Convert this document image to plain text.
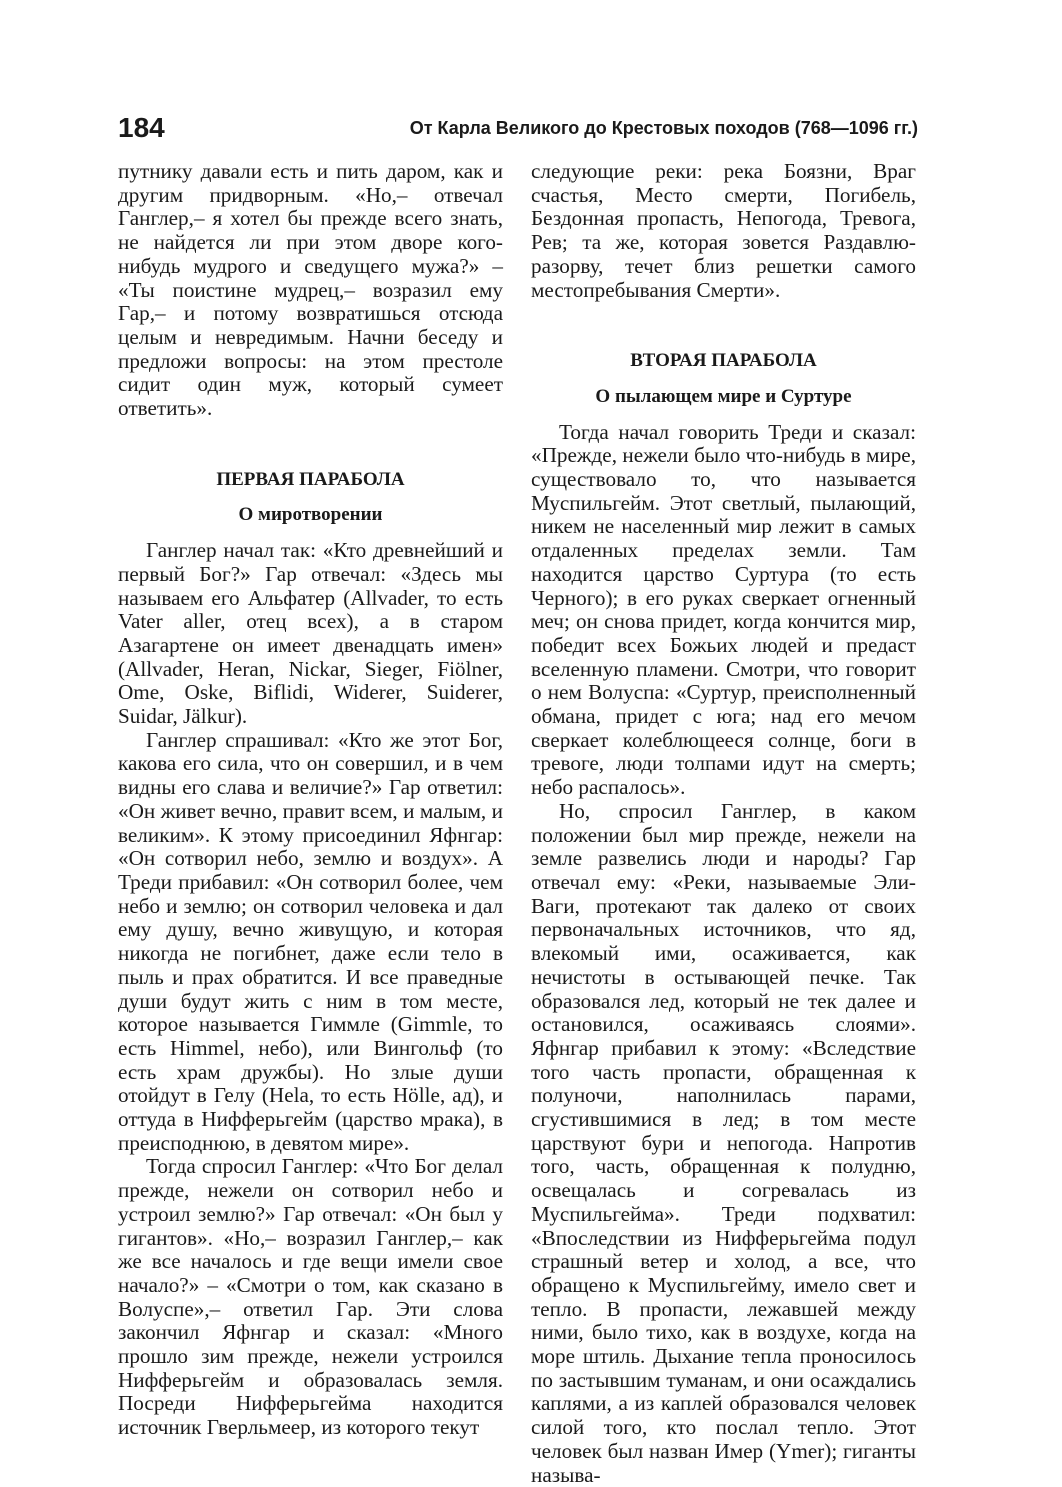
184	От Карла Великого до Крестовых походов (768—1096 гг.)

путнику давали есть и пить даром, как и другим придворным. «Но,– отвечал Ганглер,– я хотел бы прежде всего знать, не найдется ли при этом дворе кого-нибудь мудрого и сведущего мужа?» – «Ты поистине мудрец,– возразил ему Гар,– и потому возвратишься отсюда целым и невредимым. Начни беседу и предложи вопросы: на этом престоле сидит один муж, который сумеет ответить».

ПЕРВАЯ ПАРАБОЛА

О миротворении

Ганглер начал так: «Кто древнейший и первый Бог?» Гар отвечал: «Здесь мы называем его Альфатер (Allvader, то есть Vater aller, отец всех), а в старом Азагартене он имеет двенадцать имен» (Allvader, Heran, Nickar, Sieger, Fiölner, Ome, Oske, Biflidi, Widerer, Suiderer, Suidar, Jälkur).

Ганглер спрашивал: «Кто же этот Бог, какова его сила, что он совершил, и в чем видны его слава и величие?» Гар ответил: «Он живет вечно, правит всем, и малым, и великим». К этому присоединил Яфнгар: «Он сотворил небо, землю и воздух». А Треди прибавил: «Он сотворил более, чем небо и землю; он сотворил человека и дал ему душу, вечно живущую, и которая никогда не погибнет, даже если тело в пыль и прах обратится. И все праведные души будут жить с ним в том месте, которое называется Гиммле (Gimmle, то есть Himmel, небо), или Вингольф (то есть храм дружбы). Но злые души отойдут в Гелу (Hela, то есть Hölle, ад), и оттуда в Нифферьгейм (царство мрака), в преисподнюю, в девятом мире».

Тогда спросил Ганглер: «Что Бог делал прежде, нежели он сотворил небо и устроил землю?» Гар отвечал: «Он был у гигантов». «Но,– возразил Ганглер,– как же все началось и где вещи имели свое начало?» – «Смотри о том, как сказано в Волуспе»,– ответил Гар. Эти слова закончил Яфнгар и сказал: «Много прошло зим прежде, нежели устроился Нифферьгейм и образовалась земля. Посреди Нифферьгейма находится источник Гверльмеер, из которого текут

следующие реки: река Боязни, Враг счастья, Место смерти, Погибель, Бездонная пропасть, Непогода, Тревога, Рев; та же, которая зовется Раздавлю-разорву, течет близ решетки самого местопребывания Смерти».

ВТОРАЯ ПАРАБОЛА

О пылающем мире и Суртуре

Тогда начал говорить Треди и сказал: «Прежде, нежели было что-нибудь в мире, существовало то, что называется Муспильгейм. Этот светлый, пылающий, никем не населенный мир лежит в самых отдаленных пределах земли. Там находится царство Суртура (то есть Черного); в его руках сверкает огненный меч; он снова придет, когда кончится мир, победит всех Божьих людей и предаст вселенную пламени. Смотри, что говорит о нем Волуспа: «Суртур, преисполненный обмана, придет с юга; над его мечом сверкает колеблющееся солнце, боги в тревоге, люди толпами идут на смерть; небо распалось».

Но, спросил Ганглер, в каком положении был мир прежде, нежели на земле развелись люди и народы? Гар отвечал ему: «Реки, называемые Эли-Ваги, протекают так далеко от своих первоначальных источников, что яд, влекомый ими, осаживается, как нечистоты в остывающей печке. Так образовался лед, который не тек далее и остановился, осаживаясь слоями». Яфнгар прибавил к этому: «Вследствие того часть пропасти, обращенная к полуночи, наполнилась парами, сгустившимися в лед; в том месте царствуют бури и непогода. Напротив того, часть, обращенная к полудню, освещалась и согревалась из Муспильгейма». Треди подхватил: «Впоследствии из Нифферьгейма подул страшный ветер и холод, а все, что обращено к Муспильгейму, имело свет и тепло. В пропасти, лежавшей между ними, было тихо, как в воздухе, когда на море штиль. Дыхание тепла проносилось по застывшим туманам, и они осаждались каплями, а из каплей образовался человек силой того, кто послал тепло. Этот человек был назван Имер (Ymer); гиганты называ-
